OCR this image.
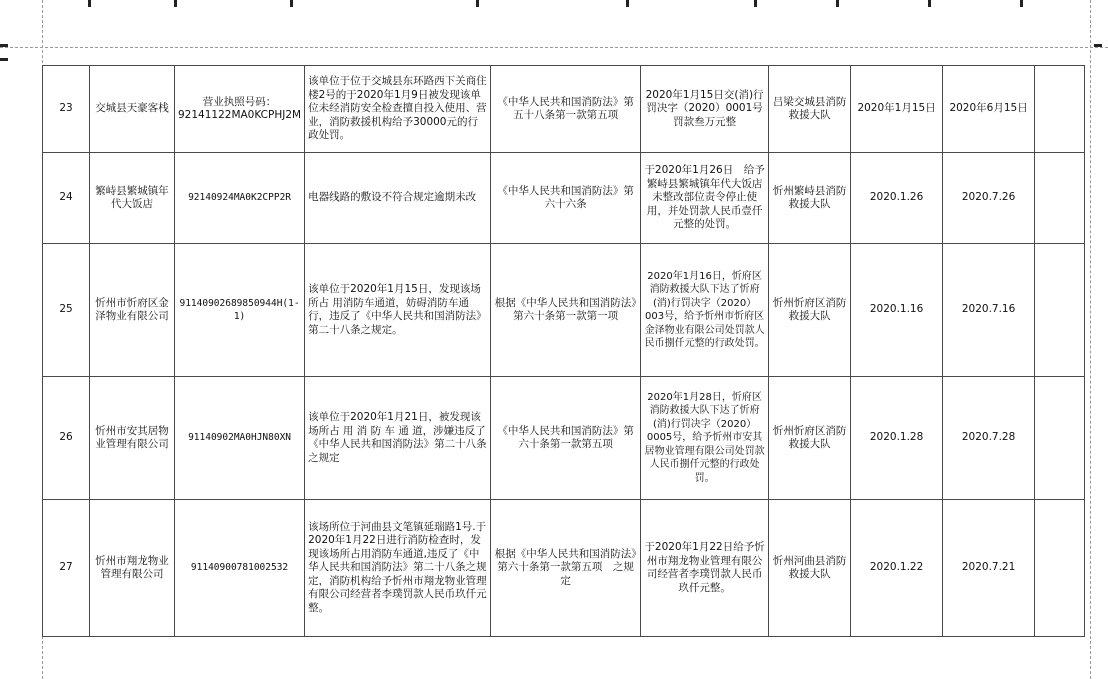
23	交城县天豪客栈	营业执照号码：92141122MA0KCPHJ2M	该单位于位于交城县东环路西下关商住楼2号的于2020年1月9日被发现该单位未经消防安全检查擅自投入使用、营业，消防救援机构给予30000元的行政处罚。	《中华人民共和国消防法》第五十八条第一款第五项	2020年1月15日交(消)行罚决字（2020）0001号罚款叁万元整	吕梁交城县消防救援大队	2020年1月15日	2020年6月15日	
24	繁峙县繁城镇年代大饭店	92140924MA0K2CPP2R	电器线路的敷设不符合规定逾期未改	《中华人民共和国消防法》第六十六条	于2020年1月26日　给予繁峙县繁城镇年代大饭店未整改部位责令停止使用，并处罚款人民币壹仟元整的处罚。	忻州繁峙县消防救援大队	2020.1.26	2020.7.26	
25	忻州市忻府区金泽物业有限公司	91140902689850944H(1-1)	该单位于2020年1月15日，发现该场所占 用消防车通道，妨碍消防车通行，违反了《中华人民共和国消防法》第二十八条之规定。	根据《中华人民共和国消防法》第六十条第一款第一项	2020年1月16日，忻府区消防救援大队下达了忻府(消)行罚决字（2020）003号，给予忻州市忻府区金泽物业有限公司处罚款人民币捌仟元整的行政处罚。	忻州忻府区消防救援大队	2020.1.16	2020.7.16	
26	忻州市安其居物业管理有限公司	91140902MA0HJN80XN	该单位于2020年1月21日，被发现该场所占 用 消 防 车 通 道，涉嫌违反了《中华人民共和国消防法》第二十八条之规定	《中华人民共和国消防法》第六十条第一款第五项	2020年1月28日，忻府区消防救援大队下达了忻府(消)行罚决字（2020）0005号，给予忻州市安其居物业管理有限公司处罚款人民币捌仟元整的行政处罚。	忻州忻府区消防救援大队	2020.1.28	2020.7.28	
27	忻州市翔龙物业管理有限公司	91140900781002532	该场所位于河曲县文笔镇延瑞路1号.于2020年1月22日进行消防检查时，发现该场所占用消防车通道,违反了《中华人民共和国消防法》第二十八条之规定，消防机构给予忻州市翔龙物业管理有限公司经营者李璞罚款人民币玖仟元整。	根据《中华人民共和国消防法》第六十条第一款第五项　之规定	于2020年1月22日给予忻州市翔龙物业管理有限公司经营者李璞罚款人民币玖仟元整。	忻州河曲县消防救援大队	2020.1.22	2020.7.21	
